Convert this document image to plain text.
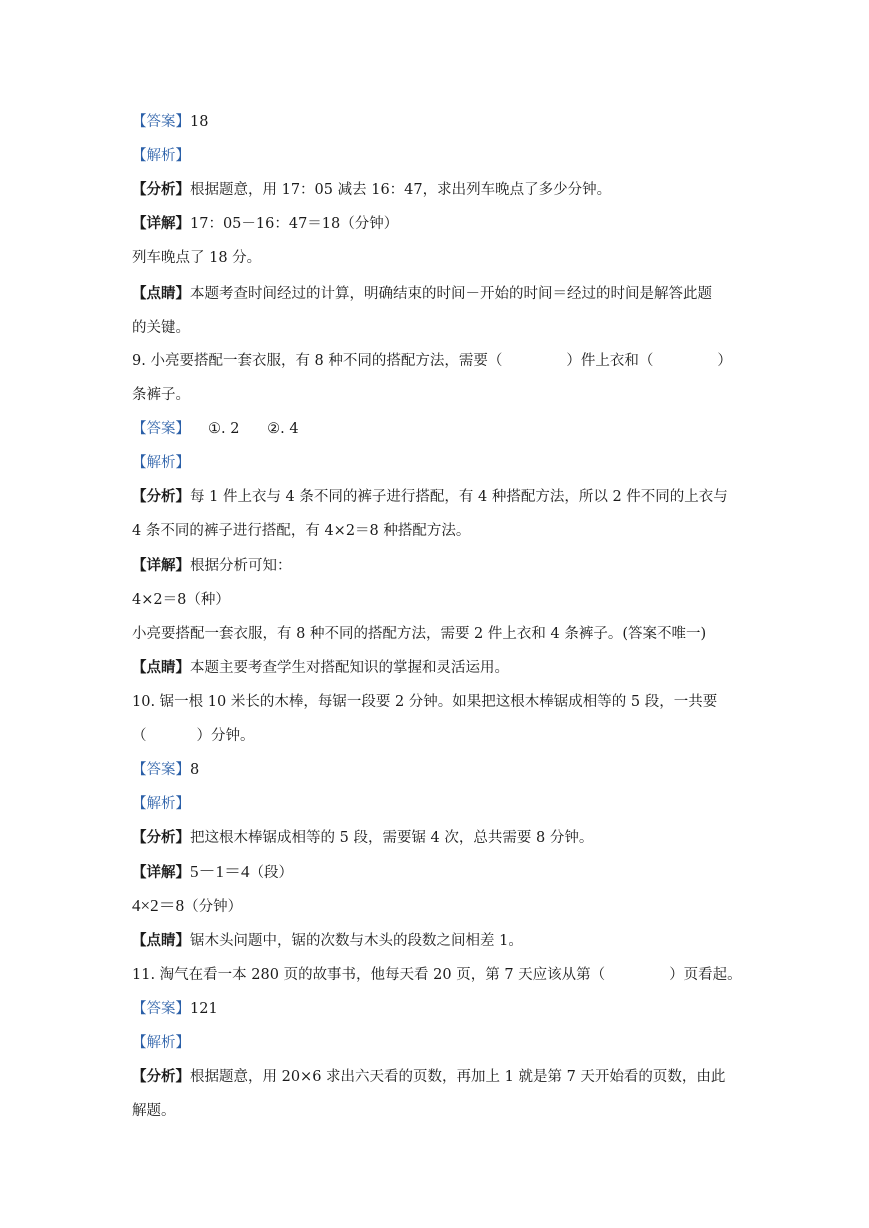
【答案】18
【解析】
【分析】根据题意，用 17：05 减去 16：47，求出列车晚点了多少分钟。
【详解】17：05－16：47＝18（分钟）
列车晚点了 18 分。
【点睛】本题考查时间经过的计算，明确结束的时间－开始的时间＝经过的时间是解答此题
的关键。
9. 小亮要搭配一套衣服，有 8 种不同的搭配方法，需要（	）件上衣和（	）
条裤子。
【答案】 ①. 2      ②. 4
【解析】
【分析】每 1 件上衣与 4 条不同的裤子进行搭配，有 4 种搭配方法，所以 2 件不同的上衣与
4 条不同的裤子进行搭配，有 4×2＝8 种搭配方法。
【详解】根据分析可知：
4×2＝8（种）
小亮要搭配一套衣服，有 8 种不同的搭配方法，需要 2 件上衣和 4 条裤子。(答案不唯一)
【点睛】本题主要考查学生对搭配知识的掌握和灵活运用。
10. 锯一根 10 米长的木棒，每锯一段要 2 分钟。如果把这根木棒锯成相等的 5 段，一共要
（	）分钟。
【答案】8
【解析】
【分析】把这根木棒锯成相等的 5 段，需要锯 4 次，总共需要 8 分钟。
【详解】5－1＝4（段）
4×2＝8（分钟）
【点睛】锯木头问题中，锯的次数与木头的段数之间相差 1。
11. 淘气在看一本 280 页的故事书，他每天看 20 页，第 7 天应该从第（	）页看起。
【答案】121
【解析】
【分析】根据题意，用 20×6 求出六天看的页数，再加上 1 就是第 7 天开始看的页数，由此
解题。
